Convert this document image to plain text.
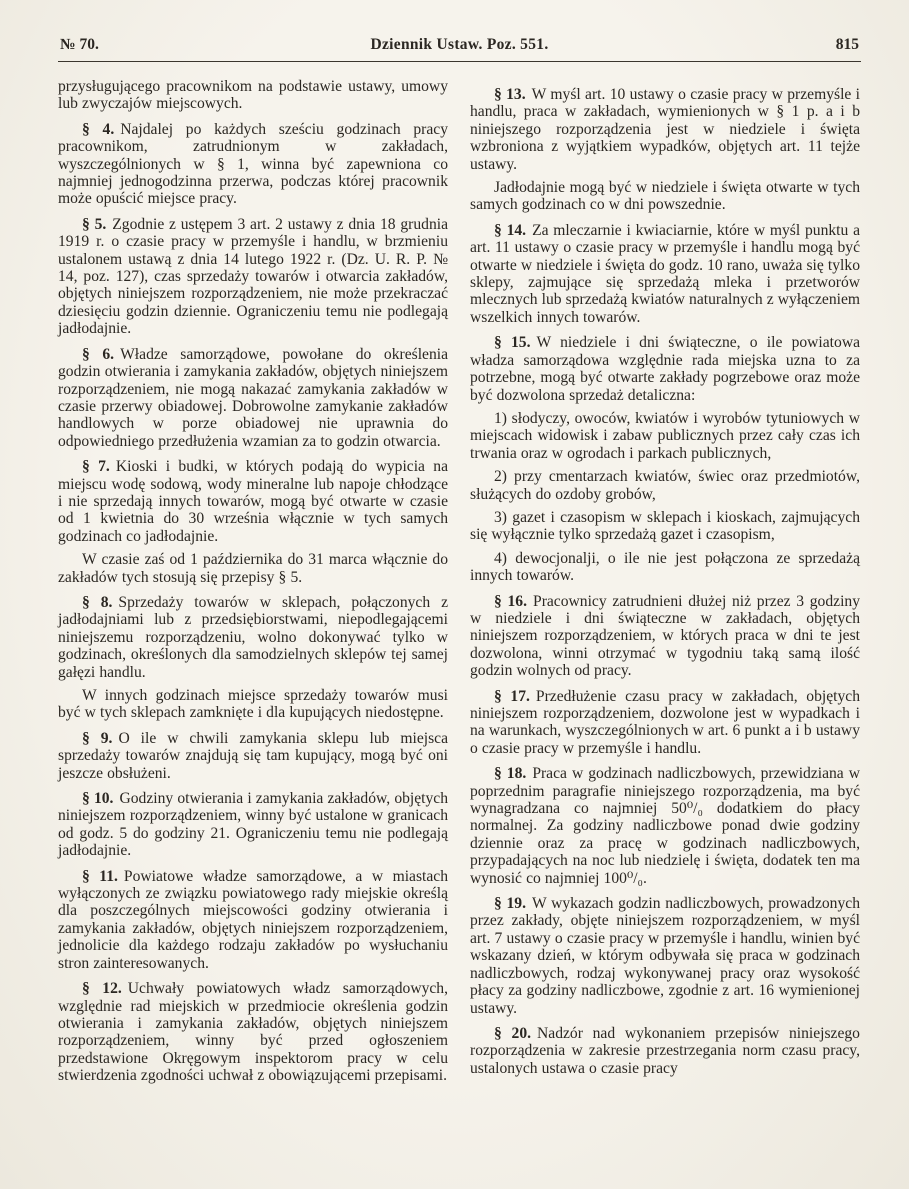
№ 70.	Dziennik Ustaw. Poz. 551.	815

przysługującego pracownikom na podstawie ustawy, umowy lub zwyczajów miejscowych.

§ 4. Najdalej po każdych sześciu godzinach pracy pracownikom, zatrudnionym w zakładach, wyszczególnionych w § 1, winna być zapewniona co najmniej jednogodzinna przerwa, podczas której pracownik może opuścić miejsce pracy.

§ 5. Zgodnie z ustępem 3 art. 2 ustawy z dnia 18 grudnia 1919 r. o czasie pracy w przemyśle i handlu, w brzmieniu ustalonem ustawą z dnia 14 lutego 1922 r. (Dz. U. R. P. № 14, poz. 127), czas sprzedaży towarów i otwarcia zakładów, objętych niniejszem rozporządzeniem, nie może przekraczać dziesięciu godzin dziennie. Ograniczeniu temu nie podlegają jadłodajnie.

§ 6. Władze samorządowe, powołane do określenia godzin otwierania i zamykania zakładów, objętych niniejszem rozporządzeniem, nie mogą nakazać zamykania zakładów w czasie przerwy obiadowej. Dobrowolne zamykanie zakładów handlowych w porze obiadowej nie uprawnia do odpowiedniego przedłużenia wzamian za to godzin otwarcia.

§ 7. Kioski i budki, w których podają do wypicia na miejscu wodę sodową, wody mineralne lub napoje chłodzące i nie sprzedają innych towarów, mogą być otwarte w czasie od 1 kwietnia do 30 września włącznie w tych samych godzinach co jadłodajnie.

W czasie zaś od 1 października do 31 marca włącznie do zakładów tych stosują się przepisy § 5.

§ 8. Sprzedaży towarów w sklepach, połączonych z jadłodajniami lub z przedsiębiorstwami, niepodlegającemi niniejszemu rozporządzeniu, wolno dokonywać tylko w godzinach, określonych dla samodzielnych sklepów tej samej gałęzi handlu.

W innych godzinach miejsce sprzedaży towarów musi być w tych sklepach zamknięte i dla kupujących niedostępne.

§ 9. O ile w chwili zamykania sklepu lub miejsca sprzedaży towarów znajdują się tam kupujący, mogą być oni jeszcze obsłużeni.

§ 10. Godziny otwierania i zamykania zakładów, objętych niniejszem rozporządzeniem, winny być ustalone w granicach od godz. 5 do godziny 21. Ograniczeniu temu nie podlegają jadłodajnie.

§ 11. Powiatowe władze samorządowe, a w miastach wyłączonych ze związku powiatowego rady miejskie określą dla poszczególnych miejscowości godziny otwierania i zamykania zakładów, objętych niniejszem rozporządzeniem, jednolicie dla każdego rodzaju zakładów po wysłuchaniu stron zainteresowanych.

§ 12. Uchwały powiatowych władz samorządowych, względnie rad miejskich w przedmiocie określenia godzin otwierania i zamykania zakładów, objętych niniejszem rozporządzeniem, winny być przed ogłoszeniem przedstawione Okręgowym inspektorom pracy w celu stwierdzenia zgodności uchwał z obowiązującemi przepisami.

§ 13. W myśl art. 10 ustawy o czasie pracy w przemyśle i handlu, praca w zakładach, wymienionych w § 1 p. a i b niniejszego rozporządzenia jest w niedziele i święta wzbroniona z wyjątkiem wypadków, objętych art. 11 tejże ustawy.

Jadłodajnie mogą być w niedziele i święta otwarte w tych samych godzinach co w dni powszednie.

§ 14. Za mleczarnie i kwiaciarnie, które w myśl punktu a art. 11 ustawy o czasie pracy w przemyśle i handlu mogą być otwarte w niedziele i święta do godz. 10 rano, uważa się tylko sklepy, zajmujące się sprzedażą mleka i przetworów mlecznych lub sprzedażą kwiatów naturalnych z wyłączeniem wszelkich innych towarów.

§ 15. W niedziele i dni świąteczne, o ile powiatowa władza samorządowa względnie rada miejska uzna to za potrzebne, mogą być otwarte zakłady pogrzebowe oraz może być dozwolona sprzedaż detaliczna:

1) słodyczy, owoców, kwiatów i wyrobów tytuniowych w miejscach widowisk i zabaw publicznych przez cały czas ich trwania oraz w ogrodach i parkach publicznych,

2) przy cmentarzach kwiatów, świec oraz przedmiotów, służących do ozdoby grobów,

3) gazet i czasopism w sklepach i kioskach, zajmujących się wyłącznie tylko sprzedażą gazet i czasopism,

4) dewocjonalji, o ile nie jest połączona ze sprzedażą innych towarów.

§ 16. Pracownicy zatrudnieni dłużej niż przez 3 godziny w niedziele i dni świąteczne w zakładach, objętych niniejszem rozporządzeniem, w których praca w dni te jest dozwolona, winni otrzymać w tygodniu taką samą ilość godzin wolnych od pracy.

§ 17. Przedłużenie czasu pracy w zakładach, objętych niniejszem rozporządzeniem, dozwolone jest w wypadkach i na warunkach, wyszczególnionych w art. 6 punkt a i b ustawy o czasie pracy w przemyśle i handlu.

§ 18. Praca w godzinach nadliczbowych, przewidziana w poprzednim paragrafie niniejszego rozporządzenia, ma być wynagradzana co najmniej 50⁰/₀ dodatkiem do płacy normalnej. Za godziny nadliczbowe ponad dwie godziny dziennie oraz za pracę w godzinach nadliczbowych, przypadających na noc lub niedzielę i święta, dodatek ten ma wynosić co najmniej 100⁰/₀.

§ 19. W wykazach godzin nadliczbowych, prowadzonych przez zakłady, objęte niniejszem rozporządzeniem, w myśl art. 7 ustawy o czasie pracy w przemyśle i handlu, winien być wskazany dzień, w którym odbywała się praca w godzinach nadliczbowych, rodzaj wykonywanej pracy oraz wysokość płacy za godziny nadliczbowe, zgodnie z art. 16 wymienionej ustawy.

§ 20. Nadzór nad wykonaniem przepisów niniejszego rozporządzenia w zakresie przestrzegania norm czasu pracy, ustalonych ustawa o czasie pracy
